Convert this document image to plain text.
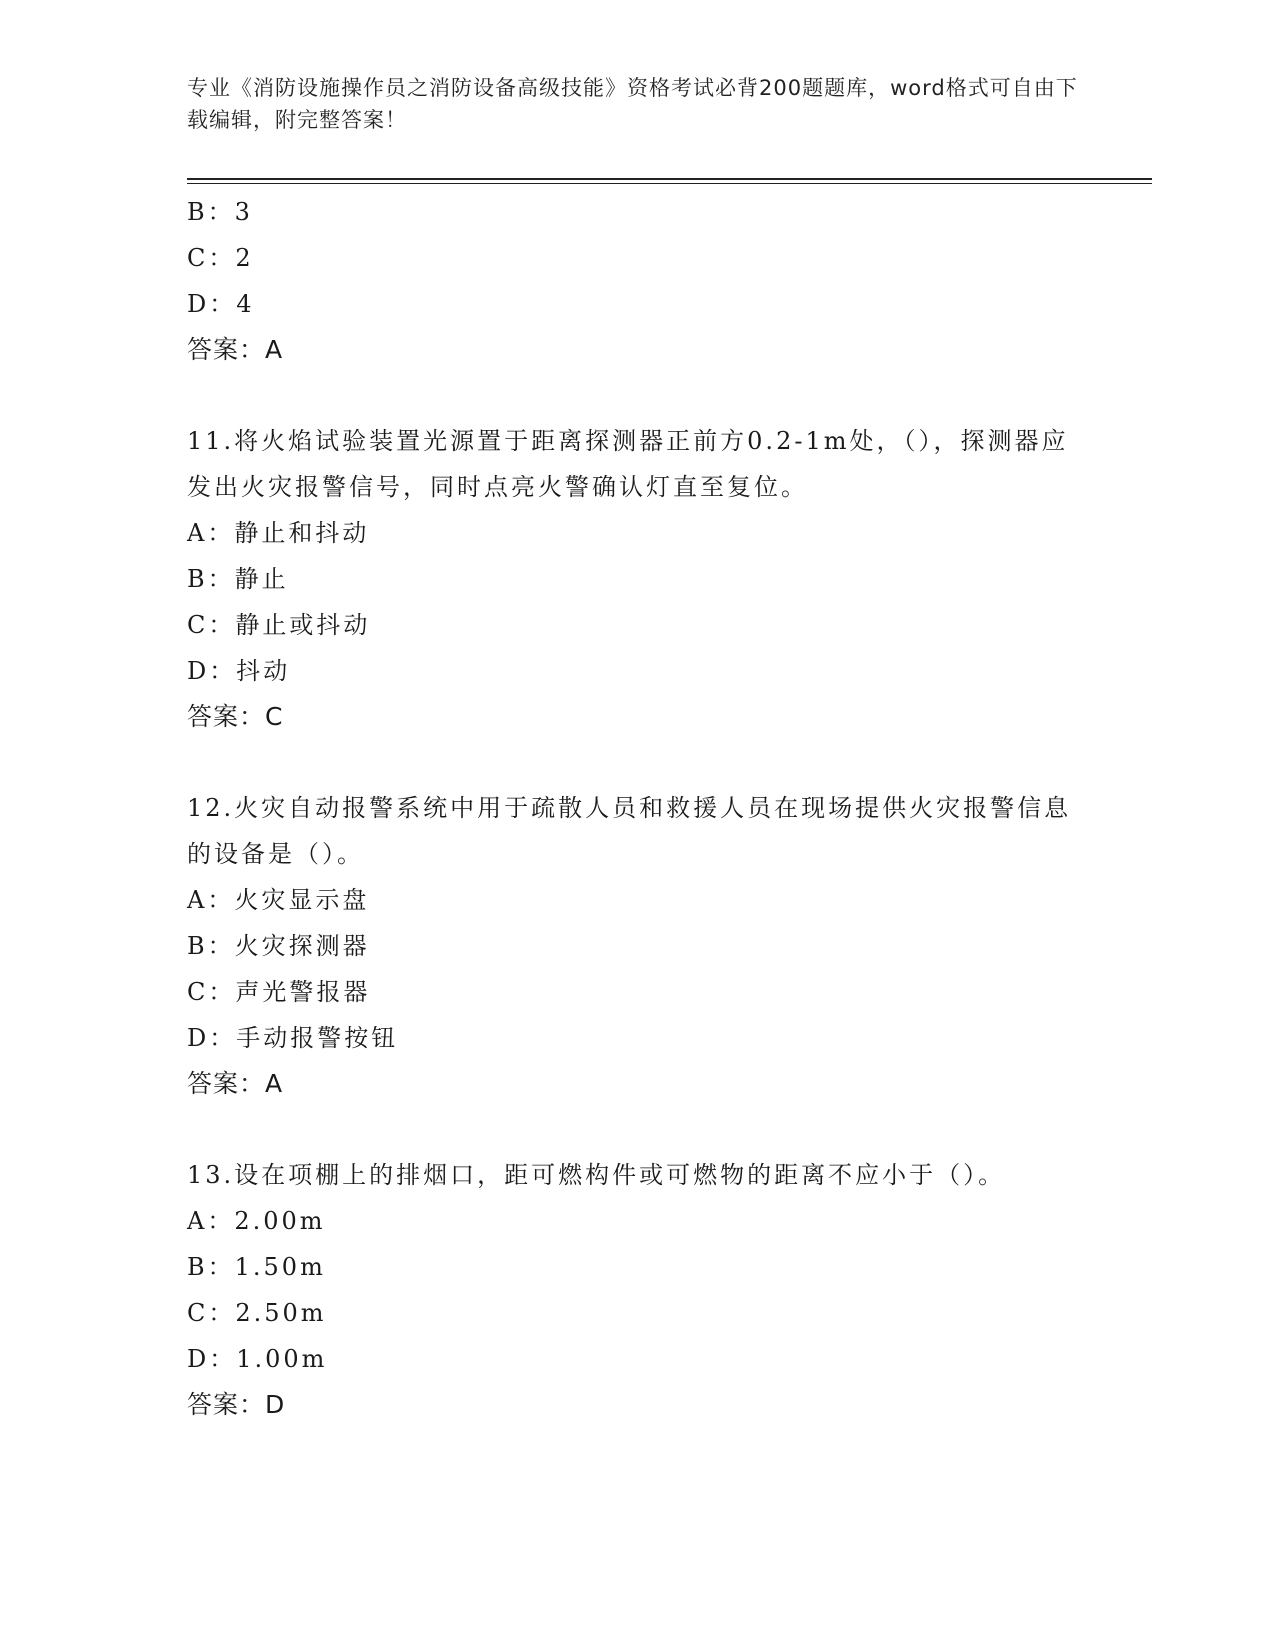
专业《消防设施操作员之消防设备高级技能》资格考试必背200题题库，word格式可自由下载编辑，附完整答案！
B：3
C：2
D：4
答案：A
11.将火焰试验装置光源置于距离探测器正前方0.2-1m处，（），探测器应发出火灾报警信号，同时点亮火警确认灯直至复位。
A：静止和抖动
B：静止
C：静止或抖动
D：抖动
答案：C
12.火灾自动报警系统中用于疏散人员和救援人员在现场提供火灾报警信息的设备是（）。
A：火灾显示盘
B：火灾探测器
C：声光警报器
D：手动报警按钮
答案：A
13.设在项棚上的排烟口，距可燃构件或可燃物的距离不应小于（）。
A：2.00m
B：1.50m
C：2.50m
D：1.00m
答案：D
